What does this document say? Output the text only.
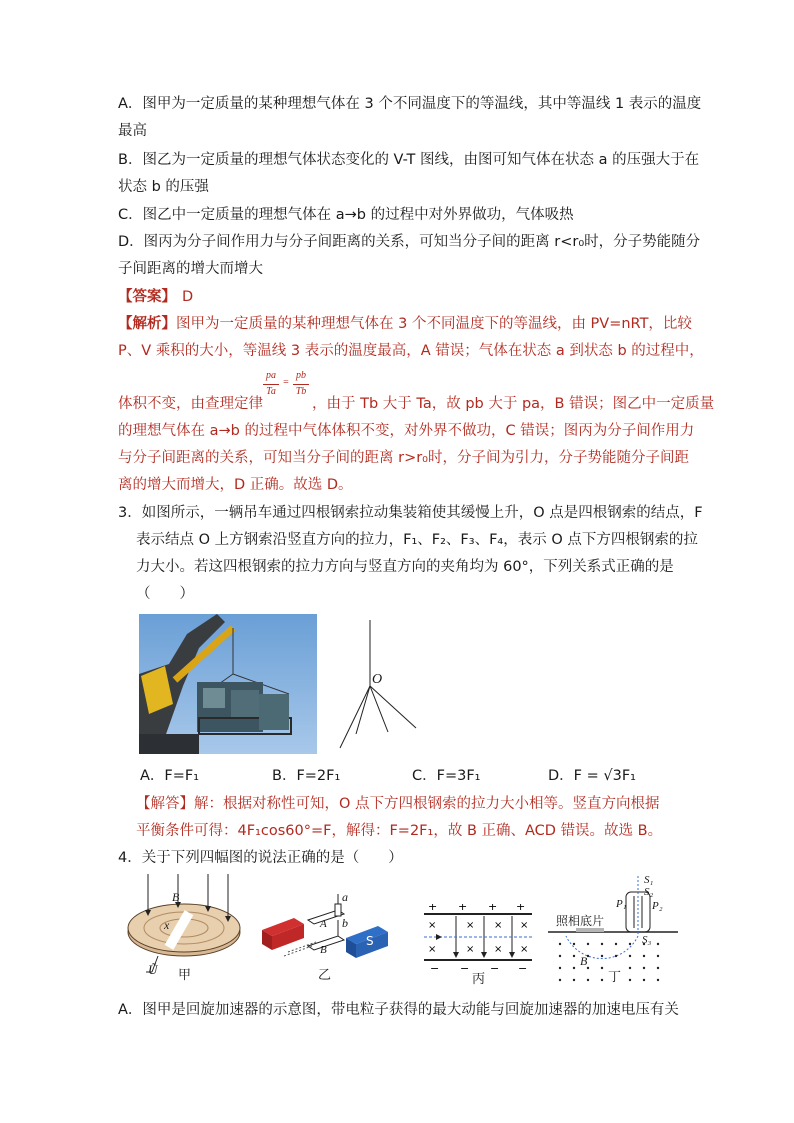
A．图甲为一定质量的某种理想气体在 3 个不同温度下的等温线，其中等温线 1 表示的温度
最高
B．图乙为一定质量的理想气体状态变化的 V-T 图线，由图可知气体在状态 a 的压强大于在
状态 b 的压强
C．图乙中一定质量的理想气体在 a→b 的过程中对外界做功，气体吸热
D．图丙为分子间作用力与分子间距离的关系，可知当分子间的距离 r<r₀时，分子势能随分
子间距离的增大而增大
【答案】 D
【解析】图甲为一定质量的某种理想气体在 3 个不同温度下的等温线，由 PV=nRT，比较
P、V 乘积的大小，等温线 3 表示的温度最高，A 错误；气体在状态 a 到状态 b 的过程中，
体积不变，由查理定律
pa
Ta
=
pb
Tb
，由于 Tb 大于 Ta，故 pb 大于 pa，B 错误；图乙中一定质量
的理想气体在 a→b 的过程中气体体积不变，对外界不做功，C 错误；图丙为分子间作用力
与分子间距离的关系，可知当分子间的距离 r>r₀时，分子间为引力，分子势能随分子间距
离的增大而增大，D 正确。故选 D。
3．如图所示，一辆吊车通过四根钢索拉动集装箱使其缓慢上升，O 点是四根钢索的结点，F
表示结点 O 上方钢索沿竖直方向的拉力，F₁、F₂、F₃、F₄，表示 O 点下方四根钢索的拉
力大小。若这四根钢索的拉力方向与竖直方向的夹角均为 60°，下列关系式正确的是
（　　）
O
A．F=F₁	B．F=2F₁	C．F=3F₁	D．F = √3F₁
【解答】解：根据对称性可知，O 点下方四根钢索的拉力大小相等。竖直方向根据
平衡条件可得：4F₁cos60°=F，解得：F=2F₁，故 B 正确、ACD 错误。故选 B。
4．关于下列四幅图的说法正确的是（　　）
B
x
Ũ 甲
a
b
A
B
S
乙
+ + + +
− − − −
×
×
×
×
×
×
×
×
丙
S₁
S₂
P₁ P₂
S₃
照相底片
B
丁
A．图甲是回旋加速器的示意图，带电粒子获得的最大动能与回旋加速器的加速电压有关
